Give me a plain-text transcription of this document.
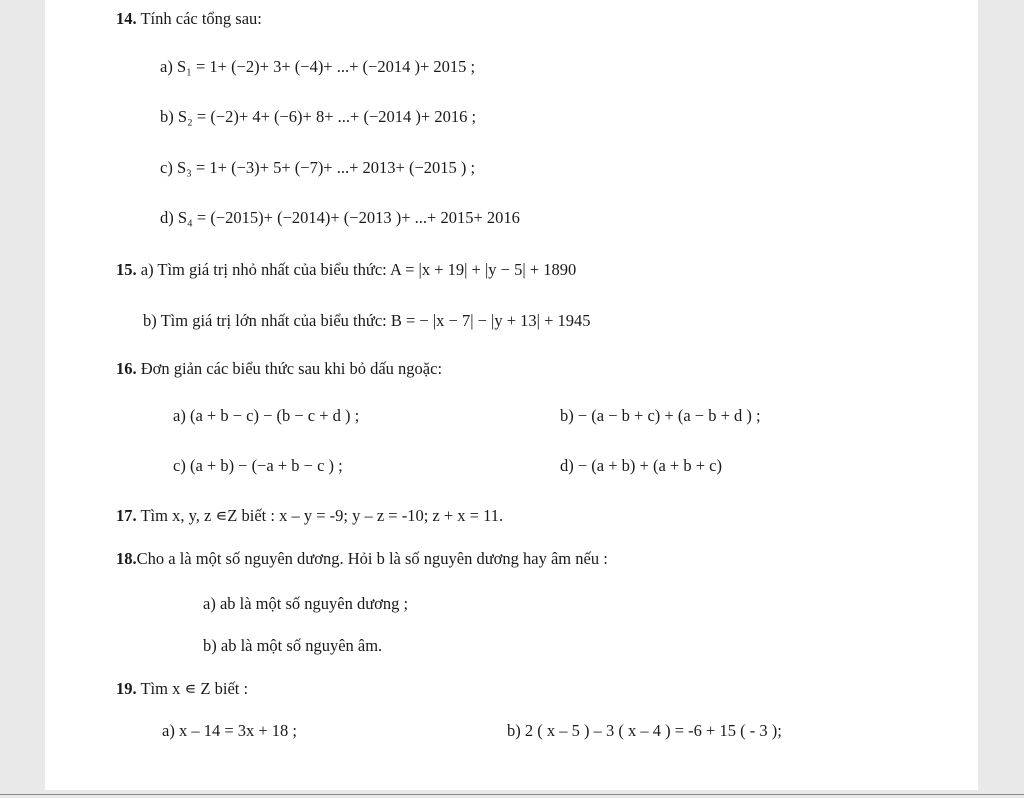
14. Tính các tổng sau:
a) S₁ = 1+ (−2)+ 3+ (−4)+ ...+ (−2014 )+ 2015 ;
b) S₂ = (−2)+ 4+ (−6)+ 8+ ...+ (−2014 )+ 2016 ;
c) S₃ = 1+ (−3)+ 5+ (−7)+ ...+ 2013+ (−2015 ) ;
d) S₄ = (−2015)+ (−2014)+ (−2013 )+ ...+ 2015+ 2016
15. a) Tìm giá trị nhỏ nhất của biểu thức: A = |x + 19| + |y − 5| + 1890
b) Tìm giá trị lớn nhất của biểu thức: B = − |x − 7| − |y + 13| + 1945
16. Đơn giản các biểu thức sau khi bỏ dấu ngoặc:
a) (a + b − c) − (b − c + d ) ;	b) − (a − b + c) + (a − b + d ) ;
c) (a + b) − (−a + b − c ) ;	d) − (a + b) + (a + b + c)
17. Tìm x, y, z ∊Z biết : x – y = -9; y – z = -10; z + x = 11.
18.Cho a là một số nguyên dương. Hỏi b là số nguyên dương hay âm nếu :
a) ab là một số nguyên dương ;
b) ab là một số nguyên âm.
19. Tìm x ∊ Z biết :
a) x – 14 = 3x + 18 ;	b) 2 ( x – 5 ) – 3 ( x – 4 ) = -6 + 15 ( - 3 );
